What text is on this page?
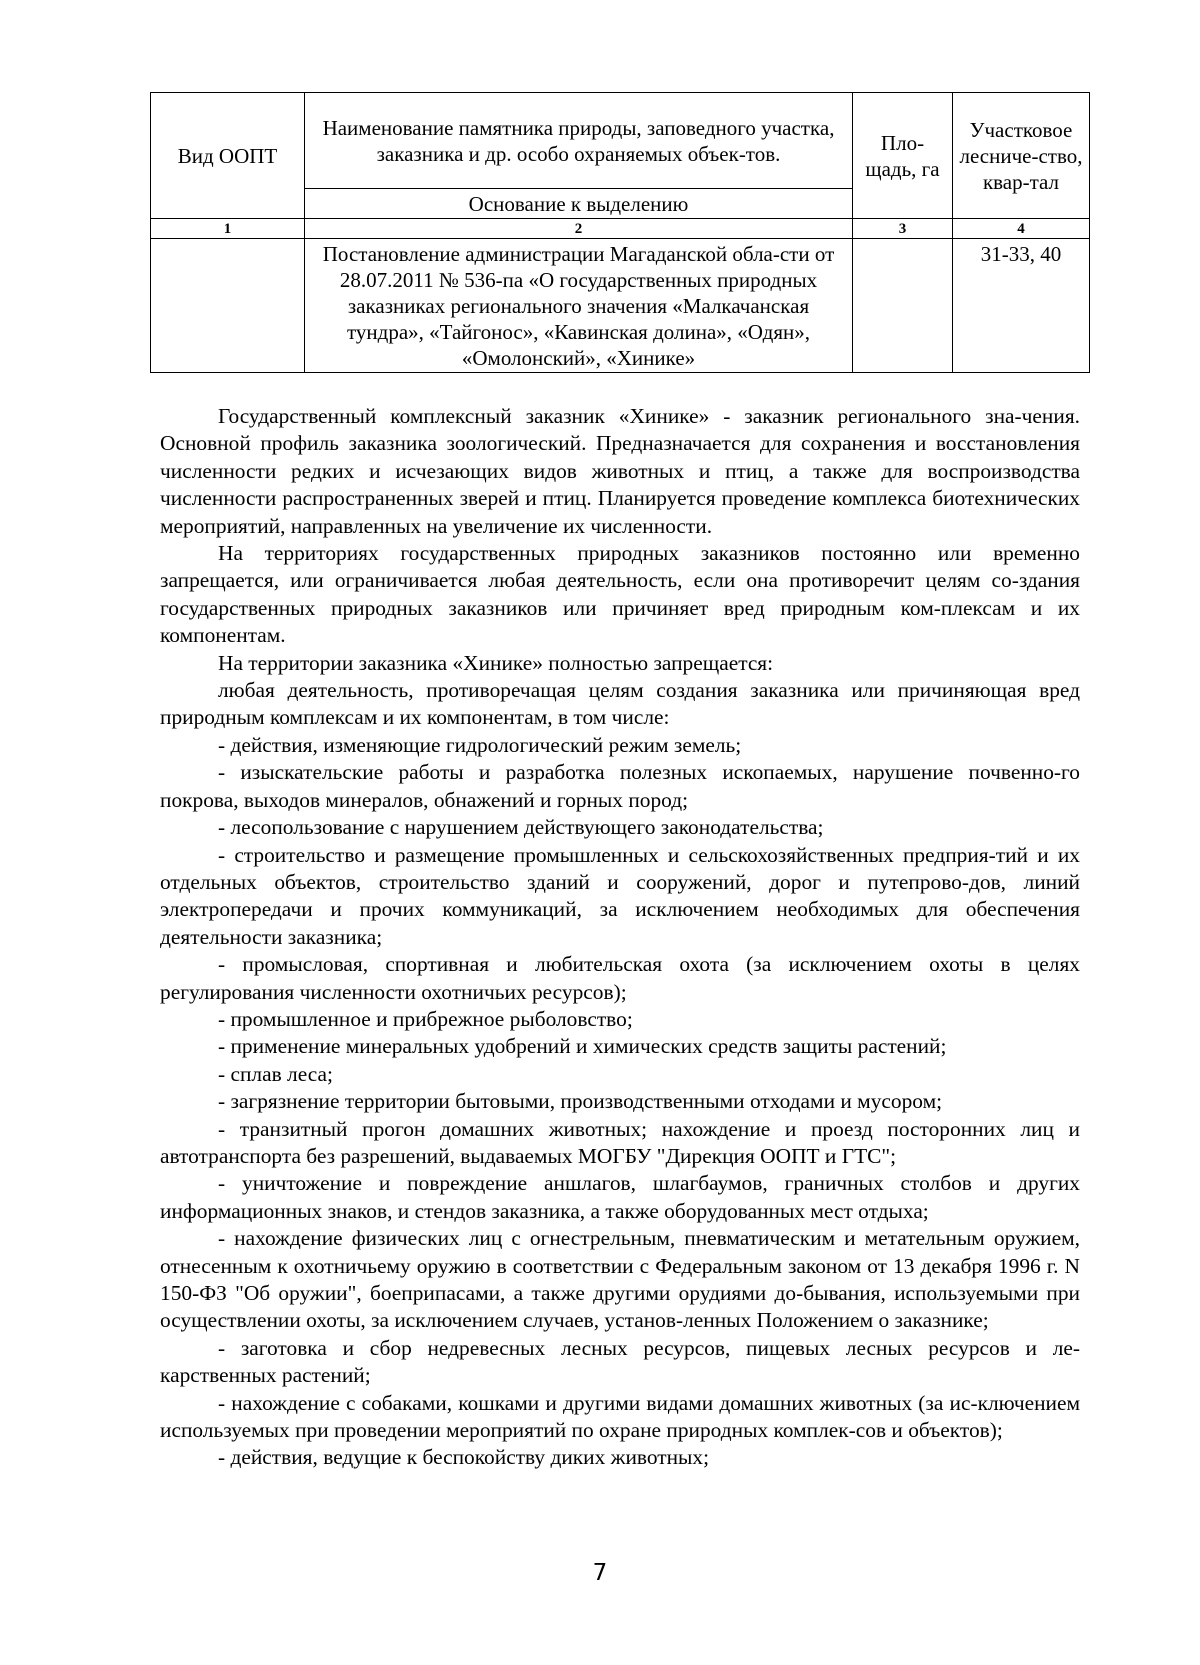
Вид ООПТ	Наименование памятника природы, заповедного участка, заказника и др. особо охраняемых объек-тов.	Пло-щадь, га	Участковое лесниче-ство, квар-тал
	Основание к выделению		
1	2	3	4
	Постановление администрации Магаданской обла-сти от 28.07.2011 № 536-па «О государственных природных заказниках регионального значения «Малкачанская тундра», «Тайгонос», «Кавинская долина», «Одян», «Омолонский», «Хинике»		31-33, 40

Государственный комплексный заказник «Хинике» - заказник регионального зна-чения. Основной профиль заказника зоологический. Предназначается для сохранения и восстановления численности редких и исчезающих видов животных и птиц, а также для воспроизводства численности распространенных зверей и птиц. Планируется проведение комплекса биотехнических мероприятий, направленных на увеличение их численности.

На территориях государственных природных заказников постоянно или временно запрещается, или ограничивается любая деятельность, если она противоречит целям со-здания государственных природных заказников или причиняет вред природным ком-плексам и их компонентам.

На территории заказника «Хинике» полностью запрещается:

любая деятельность, противоречащая целям создания заказника или причиняющая вред природным комплексам и их компонентам, в том числе:

- действия, изменяющие гидрологический режим земель;

- изыскательские работы и разработка полезных ископаемых, нарушение почвенно-го покрова, выходов минералов, обнажений и горных пород;

- лесопользование с нарушением действующего законодательства;

- строительство и размещение промышленных и сельскохозяйственных предприя-тий и их отдельных объектов, строительство зданий и сооружений, дорог и путепрово-дов, линий электропередачи и прочих коммуникаций, за исключением необходимых для обеспечения деятельности заказника;

- промысловая, спортивная и любительская охота (за исключением охоты в целях регулирования численности охотничьих ресурсов);

- промышленное и прибрежное рыболовство;

- применение минеральных удобрений и химических средств защиты растений;

- сплав леса;

- загрязнение территории бытовыми, производственными отходами и мусором;

- транзитный прогон домашних животных; нахождение и проезд посторонних лиц и автотранспорта без разрешений, выдаваемых МОГБУ "Дирекция ООПТ и ГТС";

- уничтожение и повреждение аншлагов, шлагбаумов, граничных столбов и других информационных знаков, и стендов заказника, а также оборудованных мест отдыха;

- нахождение физических лиц с огнестрельным, пневматическим и метательным оружием, отнесенным к охотничьему оружию в соответствии с Федеральным законом от 13 декабря 1996 г. N 150-ФЗ "Об оружии", боеприпасами, а также другими орудиями до-бывания, используемыми при осуществлении охоты, за исключением случаев, установ-ленных Положением о заказнике;

- заготовка и сбор недревесных лесных ресурсов, пищевых лесных ресурсов и ле-карственных растений;

- нахождение с собаками, кошками и другими видами домашних животных (за ис-ключением используемых при проведении мероприятий по охране природных комплек-сов и объектов);

- действия, ведущие к беспокойству диких животных;

7
